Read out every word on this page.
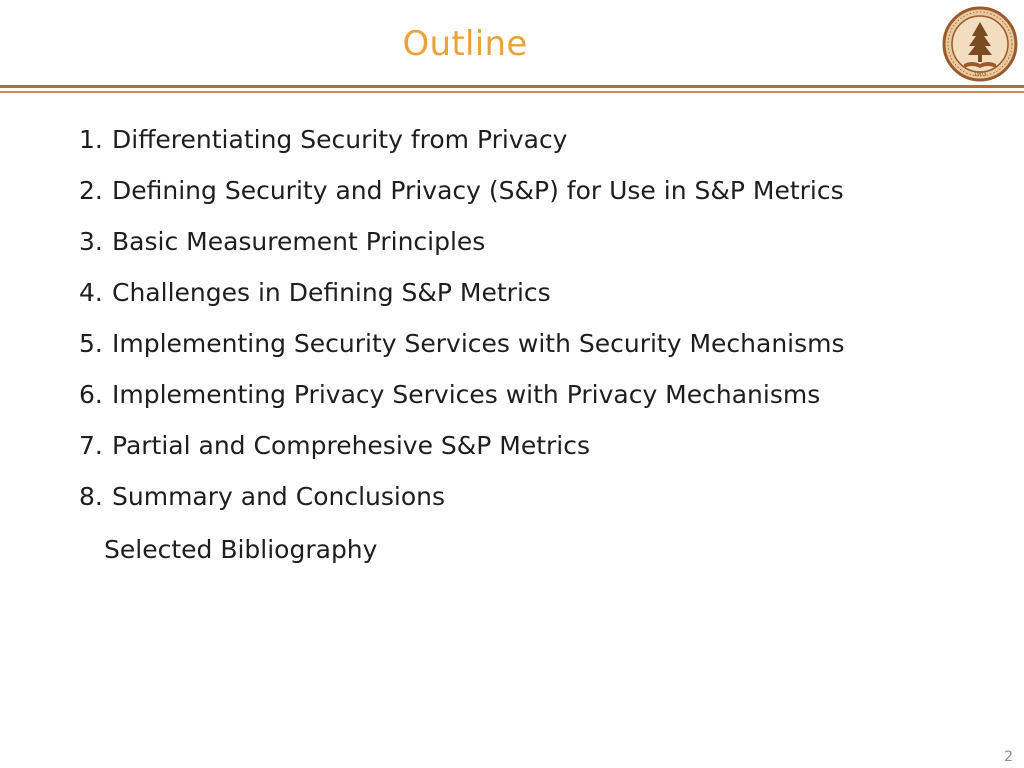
Outline
1903
1. Differentiating Security from Privacy
2. Defining Security and Privacy (S&P) for Use in S&P Metrics
3. Basic Measurement Principles
4. Challenges in Defining S&P Metrics
5. Implementing Security Services with Security Mechanisms
6. Implementing Privacy Services with Privacy Mechanisms
7. Partial and Comprehesive S&P Metrics
8. Summary and Conclusions
Selected Bibliography
2
